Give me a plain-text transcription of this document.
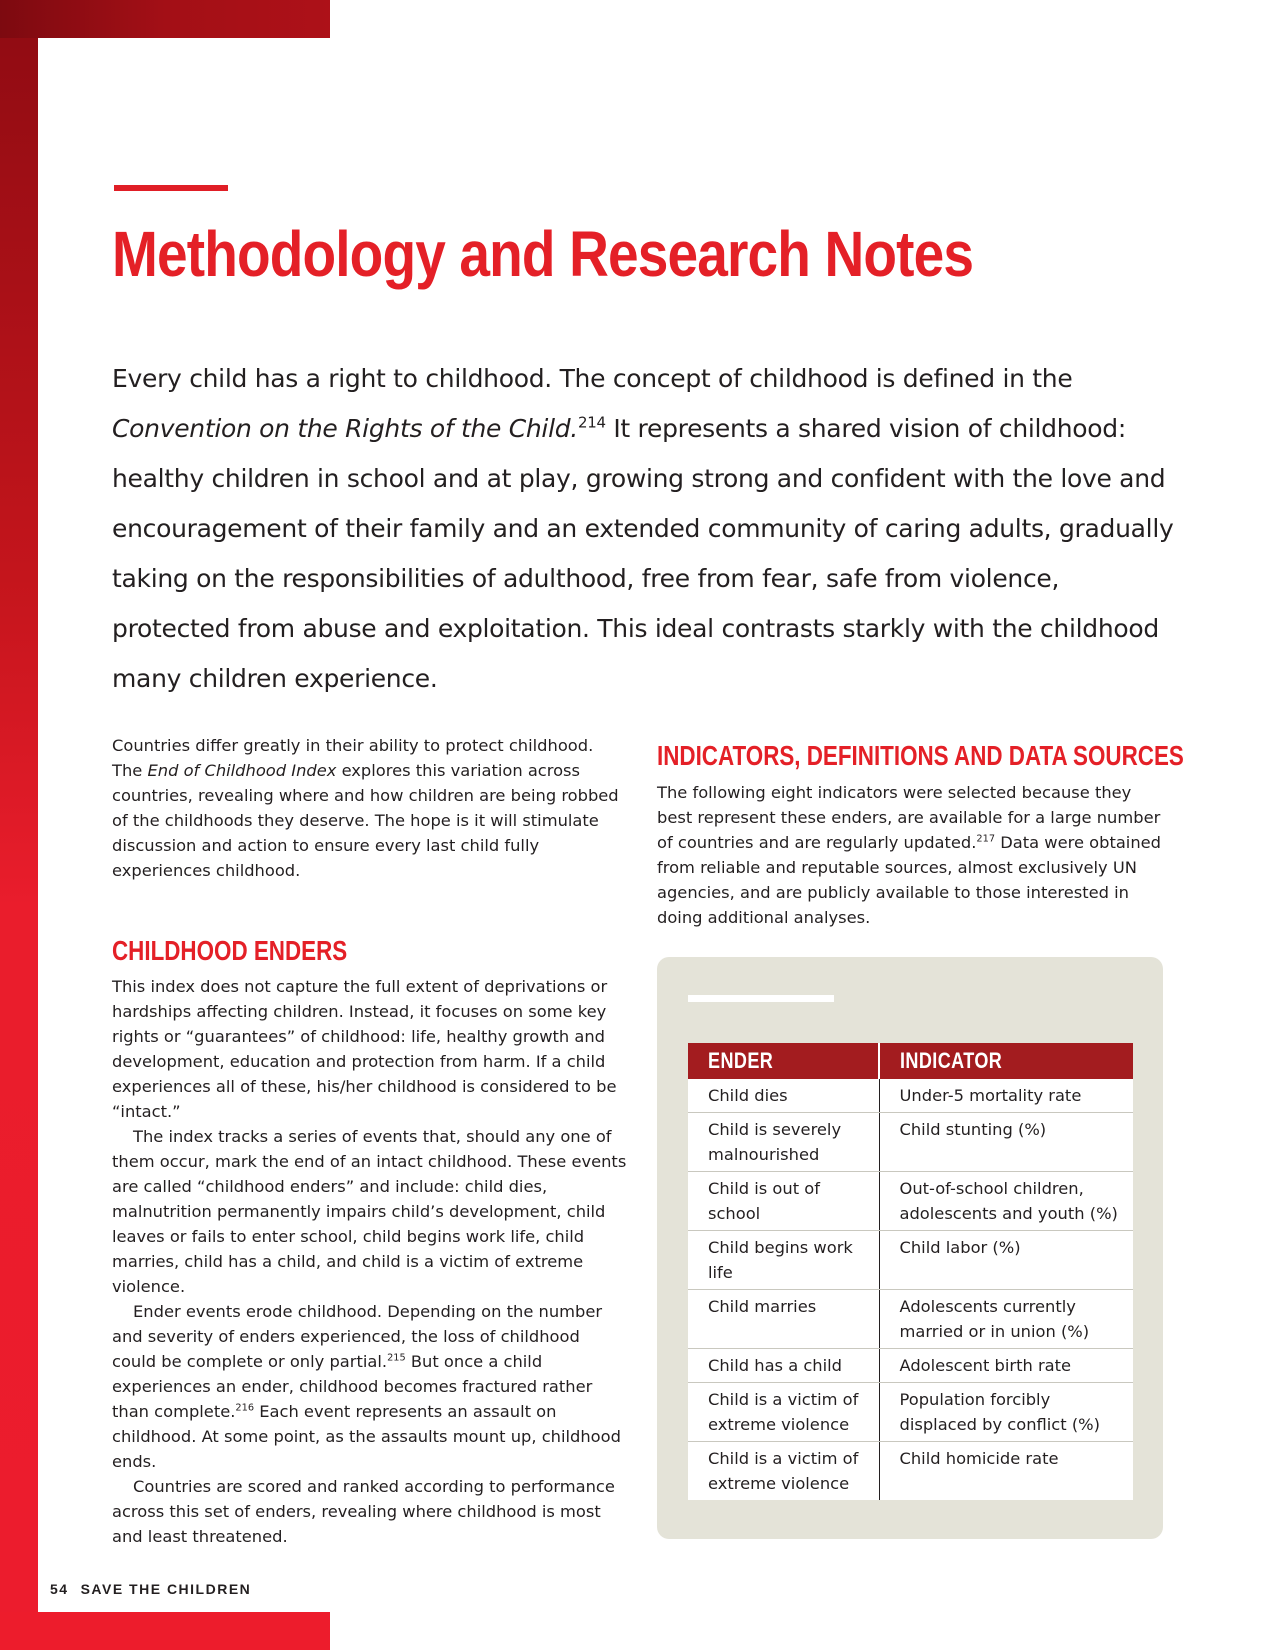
Methodology and Research Notes

Every child has a right to childhood. The concept of childhood is defined in the Convention on the Rights of the Child.$^{214}$ It represents a shared vision of childhood: healthy children in school and at play, growing strong and confident with the love and encouragement of their family and an extended community of caring adults, gradually taking on the responsibilities of adulthood, free from fear, safe from violence, protected from abuse and exploitation. This ideal contrasts starkly with the childhood many children experience.

Countries differ greatly in their ability to protect childhood. The End of Childhood Index explores this variation across countries, revealing where and how children are being robbed of the childhoods they deserve. The hope is it will stimulate discussion and action to ensure every last child fully experiences childhood.

CHILDHOOD ENDERS

This index does not capture the full extent of deprivations or hardships affecting children. Instead, it focuses on some key rights or “guarantees” of childhood: life, healthy growth and development, education and protection from harm. If a child experiences all of these, his/her childhood is considered to be “intact.”

The index tracks a series of events that, should any one of them occur, mark the end of an intact childhood. These events are called “childhood enders” and include: child dies, malnutrition permanently impairs child’s development, child leaves or fails to enter school, child begins work life, child marries, child has a child, and child is a victim of extreme violence.

Ender events erode childhood. Depending on the number and severity of enders experienced, the loss of childhood could be complete or only partial.$^{215}$ But once a child experiences an ender, childhood becomes fractured rather than complete.$^{216}$ Each event represents an assault on childhood. At some point, as the assaults mount up, childhood ends.

Countries are scored and ranked according to performance across this set of enders, revealing where childhood is most and least threatened.

INDICATORS, DEFINITIONS AND DATA SOURCES

The following eight indicators were selected because they best represent these enders, are available for a large number of countries and are regularly updated.$^{217}$ Data were obtained from reliable and reputable sources, almost exclusively UN agencies, and are publicly available to those interested in doing additional analyses.

ENDER	INDICATOR
Child dies	Under-5 mortality rate
Child is severely malnourished	Child stunting (%)
Child is out of school	Out-of-school children, adolescents and youth (%)
Child begins work life	Child labor (%)
Child marries	Adolescents currently married or in union (%)
Child has a child	Adolescent birth rate
Child is a victim of extreme violence	Population forcibly displaced by conflict (%)
Child is a victim of extreme violence	Child homicide rate

54 SAVE THE CHILDREN
